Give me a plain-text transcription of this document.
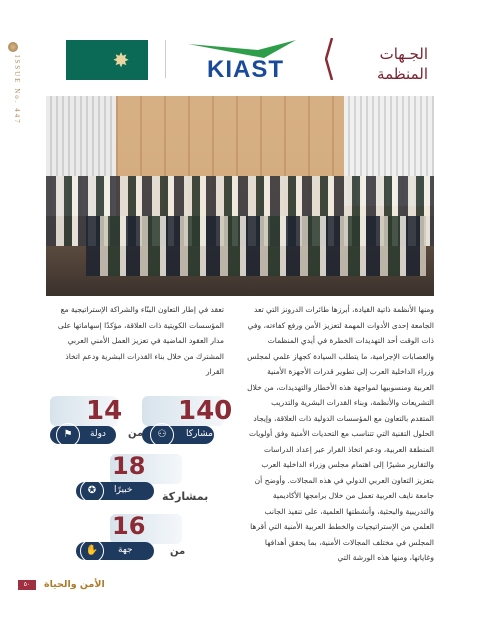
ISSUE No. 447	✸	KIAST
الجـهات
المنظمة
تعقد في إطار التعاون البنّاء والشراكة الإستراتيجية مع المؤسسات الكويتية ذات العلاقة، مؤكدًا إسهاماتها على مدار العقود الماضية في تعزيز العمل الأمني العربي المشترك من خلال بناء القدرات البشرية ودعم اتخاذ القرار
ومنها الأنظمة ذاتية القيادة، أبرزها طائرات الدرونز التي تعد الجامعة إحدى الأدوات المهمة لتعزيز الأمن ورفع كفاءته، وفي ذات الوقت أحد التهديدات الخطرة في أيدي المنظمات والعصابات الإجرامية، ما يتطلب السيادة كجهاز علمي لمجلس وزراء الداخلية العرب إلى تطوير قدرات الأجهزة الأمنية العربية ومنسوبيها لمواجهة هذه الأخطار والتهديدات، من خلال التشريعات والأنظمة، وبناء القدرات البشرية والتدريب المتقدم بالتعاون مع المؤسسات الدولية ذات العلاقة، وإيجاد الحلول التقنية التي تتناسب مع التحديات الأمنية وفق أولويات المنطقة العربية، ودعم اتخاذ القرار عبر إعداد الدراسات والتقارير مشيرًا إلى اهتمام مجلس وزراء الداخلية العرب بتعزيز التعاون العربي الدولي في هذه المجالات. وأوضح أن جامعة نايف العربية تعمل من خلال برامجها الأكاديمية والتدريبية والبحثية، وأنشطتها العلمية، على تنفيذ الجانب العلمي من الإستراتيجيات والخطط العربية الأمنية التي أقرها المجلس في مختلف المجالات الأمنية، بما يحقق أهدافها وغاياتها، ومنها هذه الورشة التي
140
مشاركا
⚇
من
14
دولة
⚑
18
خبيرًا
✪	بمشاركة
16
جهة
✋	من
٥٠	الأمن والحياة
